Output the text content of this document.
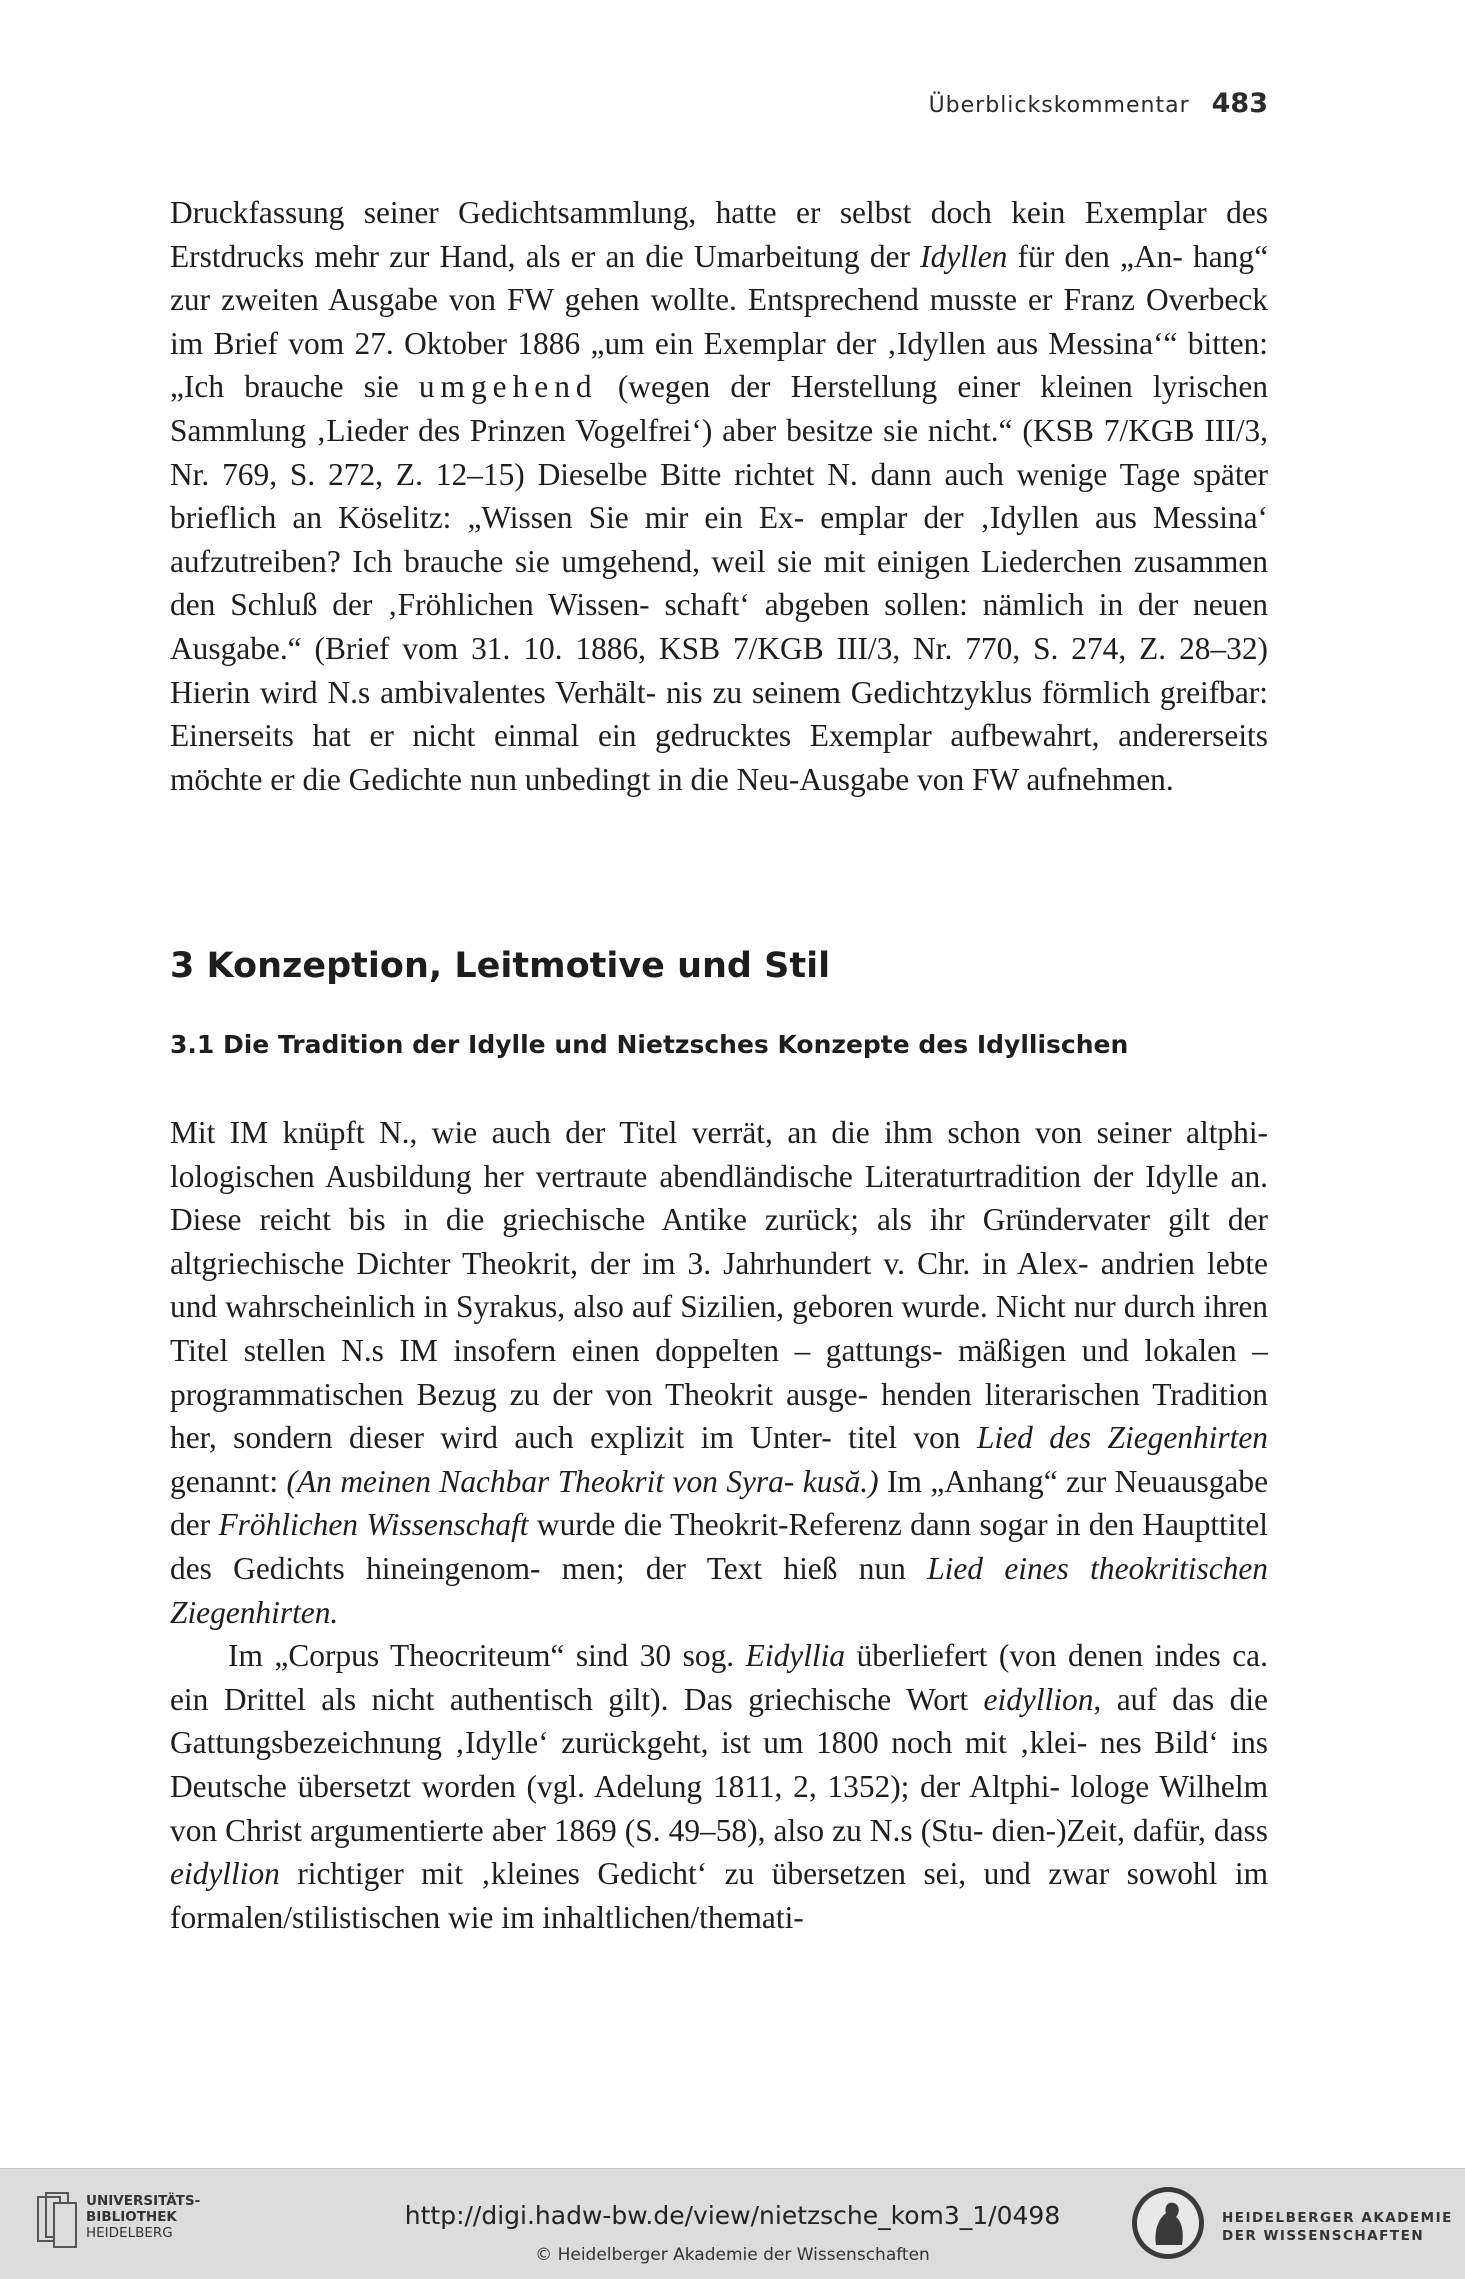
Überblickskommentar 483

Druckfassung seiner Gedichtsammlung, hatte er selbst doch kein Exemplar des Erstdrucks mehr zur Hand, als er an die Umarbeitung der Idyllen für den „An- hang“ zur zweiten Ausgabe von FW gehen wollte. Entsprechend musste er Franz Overbeck im Brief vom 27. Oktober 1886 „um ein Exemplar der ‚Idyllen aus Messina‘“ bitten: „Ich brauche sie umgehend (wegen der Herstellung einer kleinen lyrischen Sammlung ‚Lieder des Prinzen Vogelfrei‘) aber besitze sie nicht.“ (KSB 7/KGB III/3, Nr. 769, S. 272, Z. 12–15) Dieselbe Bitte richtet N. dann auch wenige Tage später brieflich an Köselitz: „Wissen Sie mir ein Ex- emplar der ‚Idyllen aus Messina‘ aufzutreiben? Ich brauche sie umgehend, weil sie mit einigen Liederchen zusammen den Schluß der ‚Fröhlichen Wissen- schaft‘ abgeben sollen: nämlich in der neuen Ausgabe.“ (Brief vom 31. 10. 1886, KSB 7/KGB III/3, Nr. 770, S. 274, Z. 28–32) Hierin wird N.s ambivalentes Verhält- nis zu seinem Gedichtzyklus förmlich greifbar: Einerseits hat er nicht einmal ein gedrucktes Exemplar aufbewahrt, andererseits möchte er die Gedichte nun unbedingt in die Neu-Ausgabe von FW aufnehmen.

3 Konzeption, Leitmotive und Stil
3.1 Die Tradition der Idylle und Nietzsches Konzepte des Idyllischen

Mit IM knüpft N., wie auch der Titel verrät, an die ihm schon von seiner altphi- lologischen Ausbildung her vertraute abendländische Literaturtradition der Idylle an. Diese reicht bis in die griechische Antike zurück; als ihr Gründervater gilt der altgriechische Dichter Theokrit, der im 3. Jahrhundert v. Chr. in Alex- andrien lebte und wahrscheinlich in Syrakus, also auf Sizilien, geboren wurde. Nicht nur durch ihren Titel stellen N.s IM insofern einen doppelten – gattungs- mäßigen und lokalen – programmatischen Bezug zu der von Theokrit ausge- henden literarischen Tradition her, sondern dieser wird auch explizit im Unter- titel von Lied des Ziegenhirten genannt: (An meinen Nachbar Theokrit von Syra- kusă.) Im „Anhang“ zur Neuausgabe der Fröhlichen Wissenschaft wurde die Theokrit-Referenz dann sogar in den Haupttitel des Gedichts hineingenom- men; der Text hieß nun Lied eines theokritischen Ziegenhirten.

Im „Corpus Theocriteum“ sind 30 sog. Eidyllia überliefert (von denen indes ca. ein Drittel als nicht authentisch gilt). Das griechische Wort eidyllion, auf das die Gattungsbezeichnung ‚Idylle‘ zurückgeht, ist um 1800 noch mit ‚klei- nes Bild‘ ins Deutsche übersetzt worden (vgl. Adelung 1811, 2, 1352); der Altphi- lologe Wilhelm von Christ argumentierte aber 1869 (S. 49–58), also zu N.s (Stu- dien-)Zeit, dafür, dass eidyllion richtiger mit ‚kleines Gedicht‘ zu übersetzen sei, und zwar sowohl im formalen/stilistischen wie im inhaltlichen/themati-

UNIVERSITÄTS-
BIBLIOTHEK
HEIDELBERG
http://digi.hadw-bw.de/view/nietzsche_kom3_1/0498
© Heidelberger Akademie der Wissenschaften
HEIDELBERGER AKADEMIE
DER WISSENSCHAFTEN
